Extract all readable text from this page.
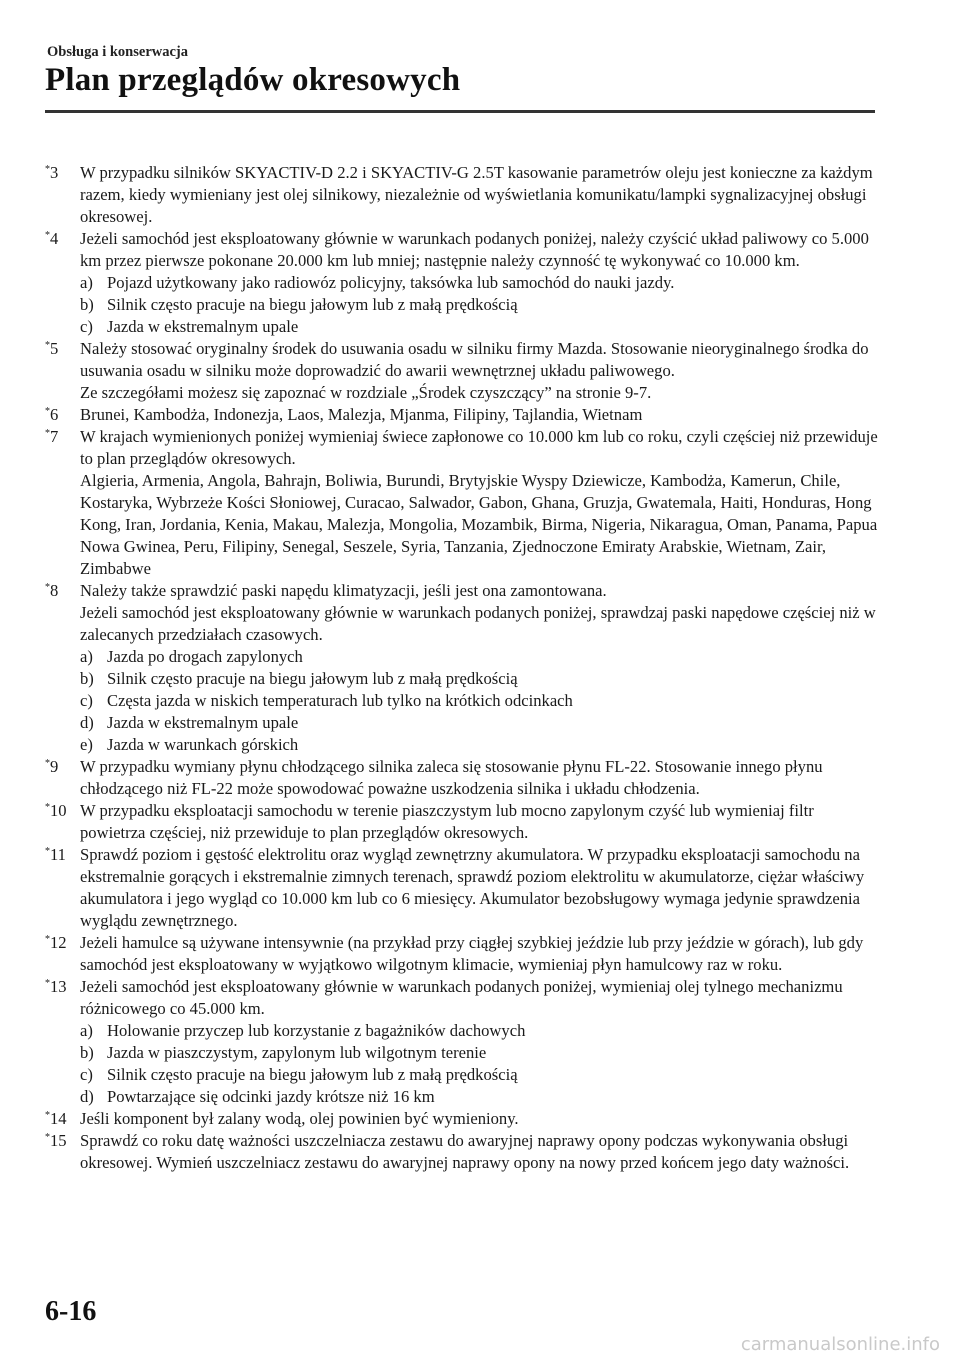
Obsługa i konserwacja
Plan przeglądów okresowych
*3 W przypadku silników SKYACTIV-D 2.2 i SKYACTIV-G 2.5T kasowanie parametrów oleju jest konieczne za każdym razem, kiedy wymieniany jest olej silnikowy, niezależnie od wyświetlania komunikatu/lampki sygnalizacyjnej obsługi okresowej.
*4 Jeżeli samochód jest eksploatowany głównie w warunkach podanych poniżej, należy czyścić układ paliwowy co 5.000 km przez pierwsze pokonane 20.000 km lub mniej; następnie należy czynność tę wykonywać co 10.000 km.
a) Pojazd użytkowany jako radiowóz policyjny, taksówka lub samochód do nauki jazdy.
b) Silnik często pracuje na biegu jałowym lub z małą prędkością
c) Jazda w ekstremalnym upale
*5 Należy stosować oryginalny środek do usuwania osadu w silniku firmy Mazda. Stosowanie nieoryginalnego środka do usuwania osadu w silniku może doprowadzić do awarii wewnętrznej układu paliwowego.
Ze szczegółami możesz się zapoznać w rozdziale „Środek czyszczący” na stronie 9-7.
*6 Brunei, Kambodża, Indonezja, Laos, Malezja, Mjanma, Filipiny, Tajlandia, Wietnam
*7 W krajach wymienionych poniżej wymieniaj świece zapłonowe co 10.000 km lub co roku, czyli częściej niż przewiduje to plan przeglądów okresowych.
Algieria, Armenia, Angola, Bahrajn, Boliwia, Burundi, Brytyjskie Wyspy Dziewicze, Kambodża, Kamerun, Chile, Kostaryka, Wybrzeże Kości Słoniowej, Curacao, Salwador, Gabon, Ghana, Gruzja, Gwatemala, Haiti, Honduras, Hong Kong, Iran, Jordania, Kenia, Makau, Malezja, Mongolia, Mozambik, Birma, Nigeria, Nikaragua, Oman, Panama, Papua Nowa Gwinea, Peru, Filipiny, Senegal, Seszele, Syria, Tanzania, Zjednoczone Emiraty Arabskie, Wietnam, Zair, Zimbabwe
*8 Należy także sprawdzić paski napędu klimatyzacji, jeśli jest ona zamontowana.
Jeżeli samochód jest eksploatowany głównie w warunkach podanych poniżej, sprawdzaj paski napędowe częściej niż w zalecanych przedziałach czasowych.
a) Jazda po drogach zapylonych
b) Silnik często pracuje na biegu jałowym lub z małą prędkością
c) Częsta jazda w niskich temperaturach lub tylko na krótkich odcinkach
d) Jazda w ekstremalnym upale
e) Jazda w warunkach górskich
*9 W przypadku wymiany płynu chłodzącego silnika zaleca się stosowanie płynu FL-22. Stosowanie innego płynu chłodzącego niż FL-22 może spowodować poważne uszkodzenia silnika i układu chłodzenia.
*10 W przypadku eksploatacji samochodu w terenie piaszczystym lub mocno zapylonym czyść lub wymieniaj filtr powietrza częściej, niż przewiduje to plan przeglądów okresowych.
*11 Sprawdź poziom i gęstość elektrolitu oraz wygląd zewnętrzny akumulatora. W przypadku eksploatacji samochodu na ekstremalnie gorących i ekstremalnie zimnych terenach, sprawdź poziom elektrolitu w akumulatorze, ciężar właściwy akumulatora i jego wygląd co 10.000 km lub co 6 miesięcy. Akumulator bezobsługowy wymaga jedynie sprawdzenia wyglądu zewnętrznego.
*12 Jeżeli hamulce są używane intensywnie (na przykład przy ciągłej szybkiej jeździe lub przy jeździe w górach), lub gdy samochód jest eksploatowany w wyjątkowo wilgotnym klimacie, wymieniaj płyn hamulcowy raz w roku.
*13 Jeżeli samochód jest eksploatowany głównie w warunkach podanych poniżej, wymieniaj olej tylnego mechanizmu różnicowego co 45.000 km.
a) Holowanie przyczep lub korzystanie z bagażników dachowych
b) Jazda w piaszczystym, zapylonym lub wilgotnym terenie
c) Silnik często pracuje na biegu jałowym lub z małą prędkością
d) Powtarzające się odcinki jazdy krótsze niż 16 km
*14 Jeśli komponent był zalany wodą, olej powinien być wymieniony.
*15 Sprawdź co roku datę ważności uszczelniacza zestawu do awaryjnej naprawy opony podczas wykonywania obsługi okresowej. Wymień uszczelniacz zestawu do awaryjnej naprawy opony na nowy przed końcem jego daty ważności.
6-16
carmanualsonline.info
